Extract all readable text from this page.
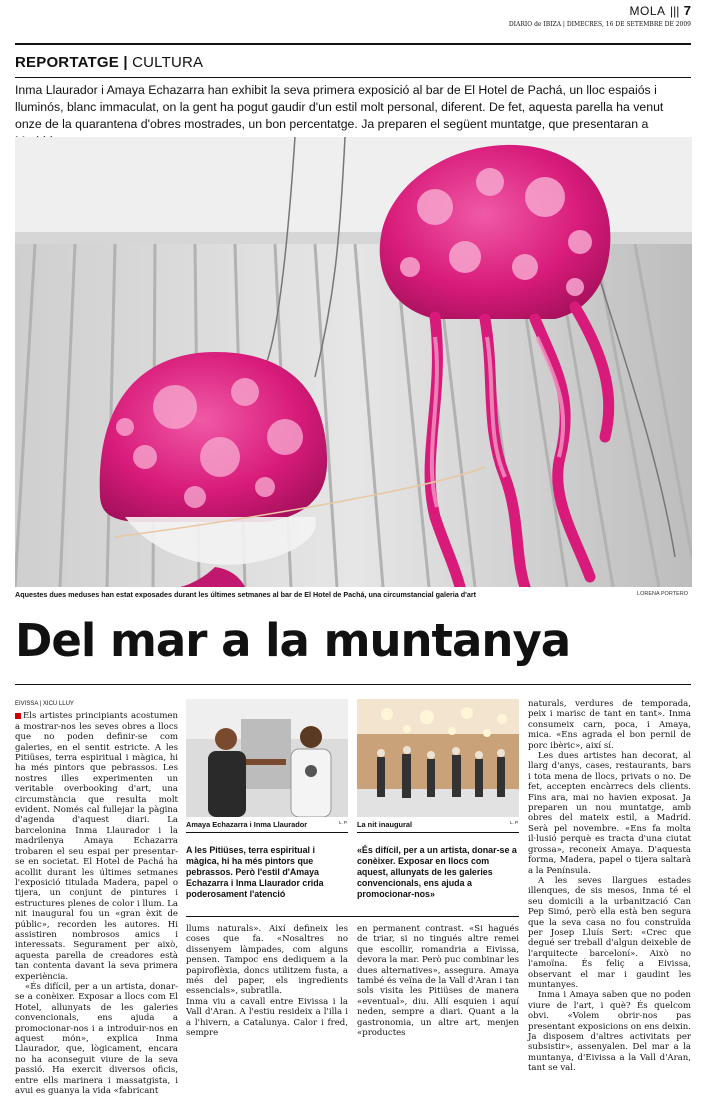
MOLA ||| 7
DIARIO de IBIZA | DIMECRES, 16 DE SETEMBRE DE 2009
REPORTATGE | CULTURA
Inma Llaurador i Amaya Echazarra han exhibit la seva primera exposició al bar de El Hotel de Pachá, un lloc espaiós i lluminós, blanc immaculat, on la gent ha pogut gaudir d'un estil molt personal, diferent. De fet, aquesta parella ha venut onze de la quarantena d'obres mostrades, un bon percentatge. Ja preparen el següent muntatge, que presentaran a
Aquestes dues meduses han estat exposades durant les últimes setmanes al bar de El Hotel de Pachá, una circumstancial galeria d'art	LORENA PORTERO
Del mar a la muntanya
EIVISSA | XICU LLUY

Els artistes principiants acostumen a mostrar-nos les seves obres a llocs que no poden definir-se com galeries, en el sentit estricte. A les Pitiüses, terra espiritual i màgica, hi ha més pintors que pebrassos. Les nostres illes experimenten un veritable overbooking d'art, una circumstància que resulta molt evident. Només cal fullejar la pàgina d'agenda d'aquest diari. La barcelonina Inma Llaurador i la madrilenya Amaya Echazarra trobaren el seu espai per presentar-se en societat. El Hotel de Pachá ha acollit durant les últimes setmanes l'exposició titulada Madera, papel o tijera, un conjunt de pintures i estructures plenes de color i llum. La nit inaugural fou un «gran èxit de públic», recorden les autores. Hi assistiren nombrosos amics i interessats. Segurament per això, aquesta parella de creadores està tan contenta davant la seva primera experiència.

«És difícil, per a un artista, donar-se a conèixer. Exposar a llocs com El Hotel, allunyats de les galeries convencionals, ens ajuda a promocionar-nos i a introduir-nos en aquest món», explica Inma Llaurador, que, lògicament, encara no ha aconseguit viure de la seva passió. Ha exercit diversos oficis, entre ells marinera i massatgista, i avui es guanya la vida «fabricant

Amaya Echazarra i Inma Llaurador	L. P. La nit inaugural	L. P.
A les Pitiüses, terra espiritual i màgica, hi ha més pintors que pebrassos. Però l'estil d'Amaya Echazarra i Inma Llaurador crida poderosament l'atenció
«És difícil, per a un artista, donar-se a conèixer. Exposar en llocs com aquest, allunyats de les galeries convencionals, ens ajuda a promocionar-nos»

llums naturals». Així defineix les coses que fa. «Nosaltres no dissenyem làmpades, com alguns pensen. Tampoc ens dediquem a la papiroflèxia, doncs utilitzem fusta, a més del paper, els ingredients essencials», subratlla.
Inma viu a cavall entre Eivissa i la Vall d'Aran. A l'estiu resideix a l'illa i a l'hivern, a Catalunya. Calor i fred, sempre

en permanent contrast. «Si hagués de triar, si no tingués altre remei que escollir, romandria a Eivissa, devora la mar. Però puc combinar les dues alternatives», assegura. Amaya també és veïna de la Vall d'Aran i tan sols visita les Pitiüses de manera «eventual», diu. Allí esquien i aquí neden, sempre a diari. Quant a la gastronomia, un altre art, menjen «productes

naturals, verdures de temporada, peix i marisc de tant en tant». Inma consumeix carn, poca, i Amaya, mica. «Ens agrada el bon pernil de porc ibèric», així sí.

Les dues artistes han decorat, al llarg d'anys, cases, restaurants, bars i tota mena de llocs, privats o no. De fet, accepten encàrrecs dels clients. Fins ara, mai no havien exposat. Ja preparen un nou muntatge, amb obres del mateix estil, a Madrid. Serà pel novembre. «Ens fa molta il·lusió perquè es tracta d'una ciutat grossa», reconeix Amaya. D'aquesta forma, Madera, papel o tijera saltarà a la Península.

A les seves llargues estades illenques, de sis mesos, Inma té el seu domicili a la urbanització Can Pep Simó, però ella està ben segura que la seva casa no fou construïda per Josep Lluís Sert: «Crec que degué ser treball d'algun deixeble de l'arquitecte barceloní». Això no l'amoïna. És feliç a Eivissa, observant el mar i gaudint les muntanyes.

Inma i Amaya saben que no poden viure de l'art, i què? És quelcom obvi. «Volem obrir-nos pas presentant exposicions on ens deixin. Ja disposem d'altres activitats per subsistir», assenyalen. Del mar a la muntanya, d'Eivissa a la Vall d'Aran, tant se val.
